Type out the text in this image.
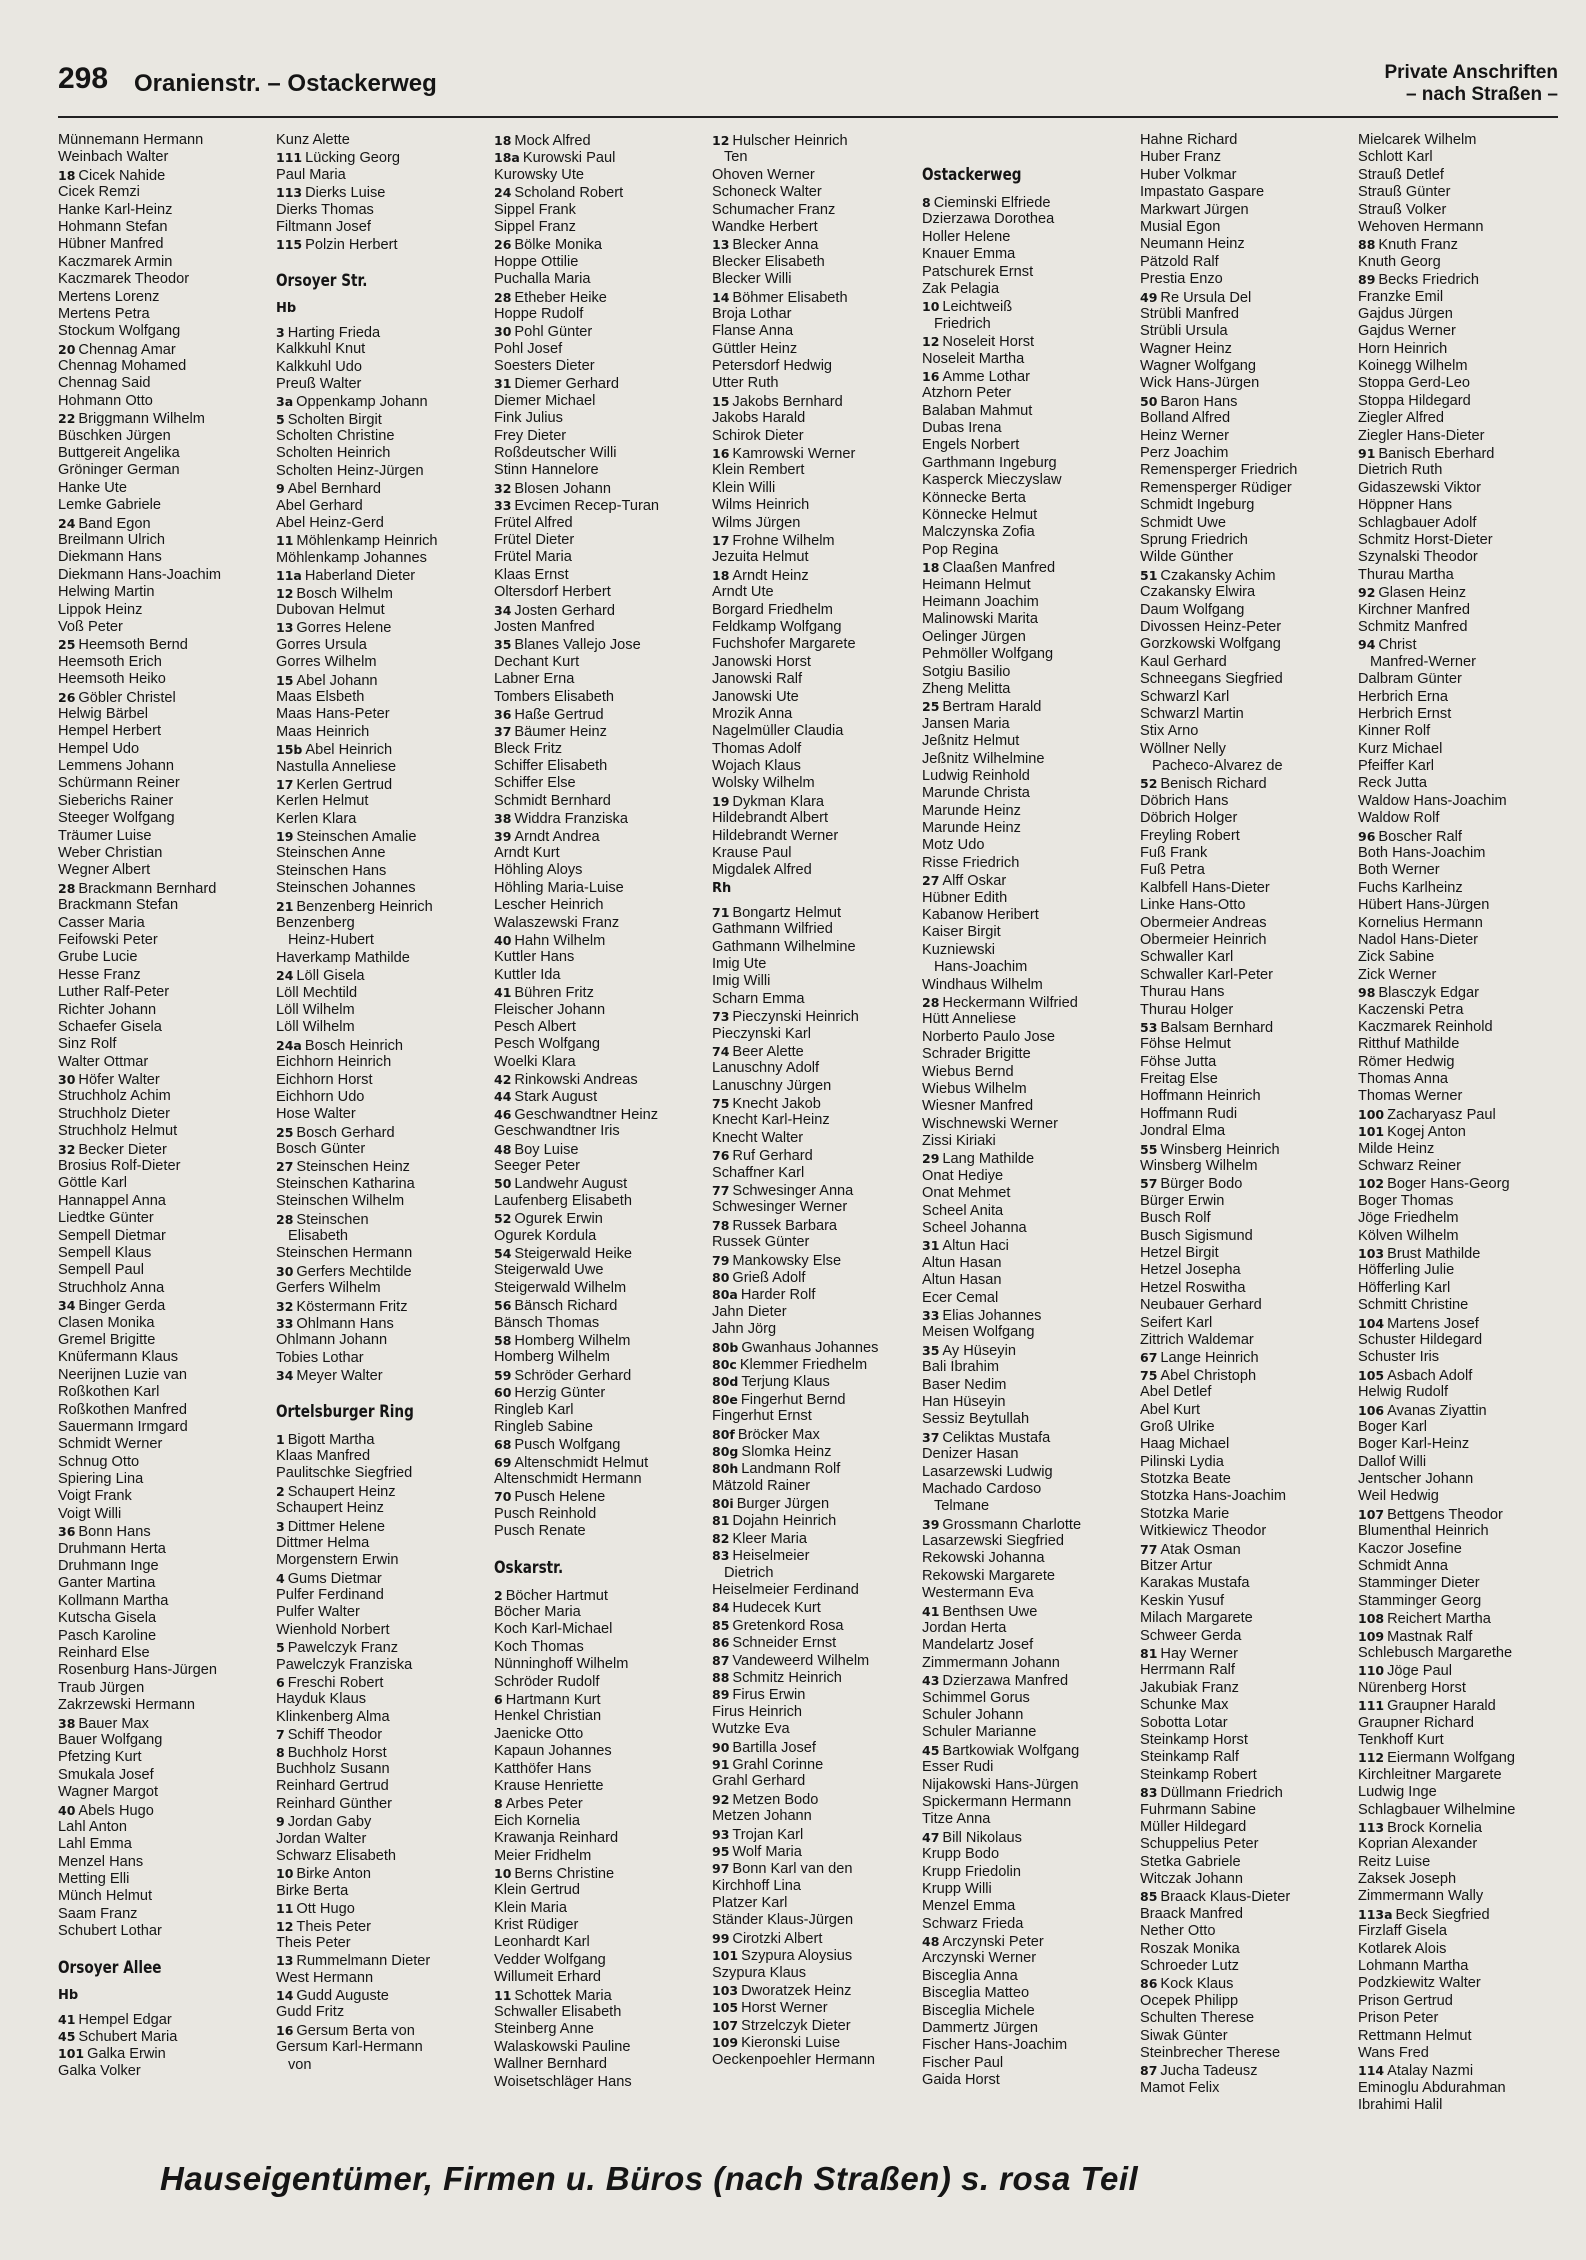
298 Oranienstr. – Ostackerweg	Private Anschriften
– nach Straßen –
Münnemann Hermann
Weinbach Walter
18 Cicek Nahide
Cicek Remzi
Hanke Karl-Heinz
Hohmann Stefan
Hübner Manfred
Kaczmarek Armin
Kaczmarek Theodor
Mertens Lorenz
Mertens Petra
Stockum Wolfgang
20 Chennag Amar
Chennag Mohamed
Chennag Said
Hohmann Otto
22 Briggmann Wilhelm
Büschken Jürgen
Buttgereit Angelika
Gröninger German
Hanke Ute
Lemke Gabriele
24 Band Egon
Breilmann Ulrich
Diekmann Hans
Diekmann Hans-Joachim
Helwing Martin
Lippok Heinz
Voß Peter
25 Heemsoth Bernd
Heemsoth Erich
Heemsoth Heiko
26 Göbler Christel
Helwig Bärbel
Hempel Herbert
Hempel Udo
Lemmens Johann
Schürmann Reiner
Sieberichs Rainer
Steeger Wolfgang
Träumer Luise
Weber Christian
Wegner Albert
28 Brackmann Bernhard
Brackmann Stefan
Casser Maria
Feifowski Peter
Grube Lucie
Hesse Franz
Luther Ralf-Peter
Richter Johann
Schaefer Gisela
Sinz Rolf
Walter Ottmar
30 Höfer Walter
Struchholz Achim
Struchholz Dieter
Struchholz Helmut
32 Becker Dieter
Brosius Rolf-Dieter
Göttle Karl
Hannappel Anna
Liedtke Günter
Sempell Dietmar
Sempell Klaus
Sempell Paul
Struchholz Anna
34 Binger Gerda
Clasen Monika
Gremel Brigitte
Knüfermann Klaus
Neerijnen Luzie van
Roßkothen Karl
Roßkothen Manfred
Sauermann Irmgard
Schmidt Werner
Schnug Otto
Spiering Lina
Voigt Frank
Voigt Willi
36 Bonn Hans
Druhmann Herta
Druhmann Inge
Ganter Martina
Kollmann Martha
Kutscha Gisela
Pasch Karoline
Reinhard Else
Rosenburg Hans-Jürgen
Traub Jürgen
Zakrzewski Hermann
38 Bauer Max
Bauer Wolfgang
Pfetzing Kurt
Smukala Josef
Wagner Margot
40 Abels Hugo
Lahl Anton
Lahl Emma
Menzel Hans
Metting Elli
Münch Helmut
Saam Franz
Schubert Lothar
Orsoyer Allee
Hb
41 Hempel Edgar
45 Schubert Maria
101 Galka Erwin
Galka Volker
Kunz Alette
111 Lücking Georg
Paul Maria
113 Dierks Luise
Dierks Thomas
Filtmann Josef
115 Polzin Herbert
Orsoyer Str.
Hb
3 Harting Frieda
Kalkkuhl Knut
Kalkkuhl Udo
Preuß Walter
3a Oppenkamp Johann
5 Scholten Birgit
Scholten Christine
Scholten Heinrich
Scholten Heinz-Jürgen
9 Abel Bernhard
Abel Gerhard
Abel Heinz-Gerd
11 Möhlenkamp Heinrich
Möhlenkamp Johannes
11a Haberland Dieter
12 Bosch Wilhelm
Dubovan Helmut
13 Gorres Helene
Gorres Ursula
Gorres Wilhelm
15 Abel Johann
Maas Elsbeth
Maas Hans-Peter
Maas Heinrich
15b Abel Heinrich
Nastulla Anneliese
17 Kerlen Gertrud
Kerlen Helmut
Kerlen Klara
19 Steinschen Amalie
Steinschen Anne
Steinschen Hans
Steinschen Johannes
21 Benzenberg Heinrich
Benzenberg
Heinz-Hubert
Haverkamp Mathilde
24 Löll Gisela
Löll Mechtild
Löll Wilhelm
Löll Wilhelm
24a Bosch Heinrich
Eichhorn Heinrich
Eichhorn Horst
Eichhorn Udo
Hose Walter
25 Bosch Gerhard
Bosch Günter
27 Steinschen Heinz
Steinschen Katharina
Steinschen Wilhelm
28 Steinschen
Elisabeth
Steinschen Hermann
30 Gerfers Mechtilde
Gerfers Wilhelm
32 Köstermann Fritz
33 Ohlmann Hans
Ohlmann Johann
Tobies Lothar
34 Meyer Walter
Ortelsburger Ring
1 Bigott Martha
Klaas Manfred
Paulitschke Siegfried
2 Schaupert Heinz
Schaupert Heinz
3 Dittmer Helene
Dittmer Helma
Morgenstern Erwin
4 Gums Dietmar
Pulfer Ferdinand
Pulfer Walter
Wienhold Norbert
5 Pawelczyk Franz
Pawelczyk Franziska
6 Freschi Robert
Hayduk Klaus
Klinkenberg Alma
7 Schiff Theodor
8 Buchholz Horst
Buchholz Susann
Reinhard Gertrud
Reinhard Günther
9 Jordan Gaby
Jordan Walter
Schwarz Elisabeth
10 Birke Anton
Birke Berta
11 Ott Hugo
12 Theis Peter
Theis Peter
13 Rummelmann Dieter
West Hermann
14 Gudd Auguste
Gudd Fritz
16 Gersum Berta von
Gersum Karl-Hermann
von
18 Mock Alfred
18a Kurowski Paul
Kurowsky Ute
24 Scholand Robert
Sippel Frank
Sippel Franz
26 Bölke Monika
Hoppe Ottilie
Puchalla Maria
28 Etheber Heike
Hoppe Rudolf
30 Pohl Günter
Pohl Josef
Soesters Dieter
31 Diemer Gerhard
Diemer Michael
Fink Julius
Frey Dieter
Roßdeutscher Willi
Stinn Hannelore
32 Blosen Johann
33 Evcimen Recep-Turan
Frütel Alfred
Frütel Dieter
Frütel Maria
Klaas Ernst
Oltersdorf Herbert
34 Josten Gerhard
Josten Manfred
35 Blanes Vallejo Jose
Dechant Kurt
Labner Erna
Tombers Elisabeth
36 Haße Gertrud
37 Bäumer Heinz
Bleck Fritz
Schiffer Elisabeth
Schiffer Else
Schmidt Bernhard
38 Widdra Franziska
39 Arndt Andrea
Arndt Kurt
Höhling Aloys
Höhling Maria-Luise
Lescher Heinrich
Walaszewski Franz
40 Hahn Wilhelm
Kuttler Hans
Kuttler Ida
41 Bühren Fritz
Fleischer Johann
Pesch Albert
Pesch Wolfgang
Woelki Klara
42 Rinkowski Andreas
44 Stark August
46 Geschwandtner Heinz
Geschwandtner Iris
48 Boy Luise
Seeger Peter
50 Landwehr August
Laufenberg Elisabeth
52 Ogurek Erwin
Ogurek Kordula
54 Steigerwald Heike
Steigerwald Uwe
Steigerwald Wilhelm
56 Bänsch Richard
Bänsch Thomas
58 Homberg Wilhelm
Homberg Wilhelm
59 Schröder Gerhard
60 Herzig Günter
Ringleb Karl
Ringleb Sabine
68 Pusch Wolfgang
69 Altenschmidt Helmut
Altenschmidt Hermann
70 Pusch Helene
Pusch Reinhold
Pusch Renate
Oskarstr.
2 Böcher Hartmut
Böcher Maria
Koch Karl-Michael
Koch Thomas
Nünninghoff Wilhelm
Schröder Rudolf
6 Hartmann Kurt
Henkel Christian
Jaenicke Otto
Kapaun Johannes
Katthöfer Hans
Krause Henriette
8 Arbes Peter
Eich Kornelia
Krawanja Reinhard
Meier Fridhelm
10 Berns Christine
Klein Gertrud
Klein Maria
Krist Rüdiger
Leonhardt Karl
Vedder Wolfgang
Willumeit Erhard
11 Schottek Maria
Schwaller Elisabeth
Steinberg Anne
Walaskowski Pauline
Wallner Bernhard
Woisetschläger Hans
12 Hulscher Heinrich
Ten
Ohoven Werner
Schoneck Walter
Schumacher Franz
Wandke Herbert
13 Blecker Anna
Blecker Elisabeth
Blecker Willi
14 Böhmer Elisabeth
Broja Lothar
Flanse Anna
Güttler Heinz
Petersdorf Hedwig
Utter Ruth
15 Jakobs Bernhard
Jakobs Harald
Schirok Dieter
16 Kamrowski Werner
Klein Rembert
Klein Willi
Wilms Heinrich
Wilms Jürgen
17 Frohne Wilhelm
Jezuita Helmut
18 Arndt Heinz
Arndt Ute
Borgard Friedhelm
Feldkamp Wolfgang
Fuchshofer Margarete
Janowski Horst
Janowski Ralf
Janowski Ute
Mrozik Anna
Nagelmüller Claudia
Thomas Adolf
Wojach Klaus
Wolsky Wilhelm
19 Dykman Klara
Hildebrandt Albert
Hildebrandt Werner
Krause Paul
Migdalek Alfred
Rh
71 Bongartz Helmut
Gathmann Wilfried
Gathmann Wilhelmine
Imig Ute
Imig Willi
Scharn Emma
73 Pieczynski Heinrich
Pieczynski Karl
74 Beer Alette
Lanuschny Adolf
Lanuschny Jürgen
75 Knecht Jakob
Knecht Karl-Heinz
Knecht Walter
76 Ruf Gerhard
Schaffner Karl
77 Schwesinger Anna
Schwesinger Werner
78 Russek Barbara
Russek Günter
79 Mankowsky Else
80 Grieß Adolf
80a Harder Rolf
Jahn Dieter
Jahn Jörg
80b Gwanhaus Johannes
80c Klemmer Friedhelm
80d Terjung Klaus
80e Fingerhut Bernd
Fingerhut Ernst
80f Bröcker Max
80g Slomka Heinz
80h Landmann Rolf
Mätzold Rainer
80i Burger Jürgen
81 Dojahn Heinrich
82 Kleer Maria
83 Heiselmeier
Dietrich
Heiselmeier Ferdinand
84 Hudecek Kurt
85 Gretenkord Rosa
86 Schneider Ernst
87 Vandeweerd Wilhelm
88 Schmitz Heinrich
89 Firus Erwin
Firus Heinrich
Wutzke Eva
90 Bartilla Josef
91 Grahl Corinne
Grahl Gerhard
92 Metzen Bodo
Metzen Johann
93 Trojan Karl
95 Wolf Maria
97 Bonn Karl van den
Kirchhoff Lina
Platzer Karl
Ständer Klaus-Jürgen
99 Cirotzki Albert
101 Szypura Aloysius
Szypura Klaus
103 Dworatzek Heinz
105 Horst Werner
107 Strzelczyk Dieter
109 Kieronski Luise
Oeckenpoehler Hermann
Ostackerweg
8 Cieminski Elfriede
Dzierzawa Dorothea
Holler Helene
Knauer Emma
Patschurek Ernst
Zak Pelagia
10 Leichtweiß
Friedrich
12 Noseleit Horst
Noseleit Martha
16 Amme Lothar
Atzhorn Peter
Balaban Mahmut
Dubas Irena
Engels Norbert
Garthmann Ingeburg
Kasperck Mieczyslaw
Könnecke Berta
Könnecke Helmut
Malczynska Zofia
Pop Regina
18 Claaßen Manfred
Heimann Helmut
Heimann Joachim
Malinowski Marita
Oelinger Jürgen
Pehmöller Wolfgang
Sotgiu Basilio
Zheng Melitta
25 Bertram Harald
Jansen Maria
Jeßnitz Helmut
Jeßnitz Wilhelmine
Ludwig Reinhold
Marunde Christa
Marunde Heinz
Marunde Heinz
Motz Udo
Risse Friedrich
27 Alff Oskar
Hübner Edith
Kabanow Heribert
Kaiser Birgit
Kuzniewski
Hans-Joachim
Windhaus Wilhelm
28 Heckermann Wilfried
Hütt Anneliese
Norberto Paulo Jose
Schrader Brigitte
Wiebus Bernd
Wiebus Wilhelm
Wiesner Manfred
Wischnewski Werner
Zissi Kiriaki
29 Lang Mathilde
Onat Hediye
Onat Mehmet
Scheel Anita
Scheel Johanna
31 Altun Haci
Altun Hasan
Altun Hasan
Ecer Cemal
33 Elias Johannes
Meisen Wolfgang
35 Ay Hüseyin
Bali İbrahim
Baser Nedim
Han Hüseyin
Sessiz Beytullah
37 Celiktas Mustafa
Denizer Hasan
Lasarzewski Ludwig
Machado Cardoso
Telmane
39 Grossmann Charlotte
Lasarzewski Siegfried
Rekowski Johanna
Rekowski Margarete
Westermann Eva
41 Benthsen Uwe
Jordan Herta
Mandelartz Josef
Zimmermann Johann
43 Dzierzawa Manfred
Schimmel Gorus
Schuler Johann
Schuler Marianne
45 Bartkowiak Wolfgang
Esser Rudi
Nijakowski Hans-Jürgen
Spickermann Hermann
Titze Anna
47 Bill Nikolaus
Krupp Bodo
Krupp Friedolin
Krupp Willi
Menzel Emma
Schwarz Frieda
48 Arczynski Peter
Arczynski Werner
Bisceglia Anna
Bisceglia Matteo
Bisceglia Michele
Dammertz Jürgen
Fischer Hans-Joachim
Fischer Paul
Gaida Horst
Hahne Richard
Huber Franz
Huber Volkmar
Impastato Gaspare
Markwart Jürgen
Musial Egon
Neumann Heinz
Pätzold Ralf
Prestia Enzo
49 Re Ursula Del
Strübli Manfred
Strübli Ursula
Wagner Heinz
Wagner Wolfgang
Wick Hans-Jürgen
50 Baron Hans
Bolland Alfred
Heinz Werner
Perz Joachim
Remensperger Friedrich
Remensperger Rüdiger
Schmidt Ingeburg
Schmidt Uwe
Sprung Friedrich
Wilde Günther
51 Czakansky Achim
Czakansky Elwira
Daum Wolfgang
Divossen Heinz-Peter
Gorzkowski Wolfgang
Kaul Gerhard
Schneegans Siegfried
Schwarzl Karl
Schwarzl Martin
Stix Arno
Wöllner Nelly
Pacheco-Alvarez de
52 Benisch Richard
Döbrich Hans
Döbrich Holger
Freyling Robert
Fuß Frank
Fuß Petra
Kalbfell Hans-Dieter
Linke Hans-Otto
Obermeier Andreas
Obermeier Heinrich
Schwaller Karl
Schwaller Karl-Peter
Thurau Hans
Thurau Holger
53 Balsam Bernhard
Föhse Helmut
Föhse Jutta
Freitag Else
Hoffmann Heinrich
Hoffmann Rudi
Jondral Elma
55 Winsberg Heinrich
Winsberg Wilhelm
57 Bürger Bodo
Bürger Erwin
Busch Rolf
Busch Sigismund
Hetzel Birgit
Hetzel Josepha
Hetzel Roswitha
Neubauer Gerhard
Seifert Karl
Zittrich Waldemar
67 Lange Heinrich
75 Abel Christoph
Abel Detlef
Abel Kurt
Groß Ulrike
Haag Michael
Pilinski Lydia
Stotzka Beate
Stotzka Hans-Joachim
Stotzka Marie
Witkiewicz Theodor
77 Atak Osman
Bitzer Artur
Karakas Mustafa
Keskin Yusuf
Milach Margarete
Schweer Gerda
81 Hay Werner
Herrmann Ralf
Jakubiak Franz
Schunke Max
Sobotta Lotar
Steinkamp Horst
Steinkamp Ralf
Steinkamp Robert
83 Düllmann Friedrich
Fuhrmann Sabine
Müller Hildegard
Schuppelius Peter
Stetka Gabriele
Witczak Johann
85 Braack Klaus-Dieter
Braack Manfred
Nether Otto
Roszak Monika
Schroeder Lutz
86 Kock Klaus
Ocepek Philipp
Schulten Therese
Siwak Günter
Steinbrecher Therese
87 Jucha Tadeusz
Mamot Felix
Mielcarek Wilhelm
Schlott Karl
Strauß Detlef
Strauß Günter
Strauß Volker
Wehoven Hermann
88 Knuth Franz
Knuth Georg
89 Becks Friedrich
Franzke Emil
Gajdus Jürgen
Gajdus Werner
Horn Heinrich
Koinegg Wilhelm
Stoppa Gerd-Leo
Stoppa Hildegard
Ziegler Alfred
Ziegler Hans-Dieter
91 Banisch Eberhard
Dietrich Ruth
Gidaszewski Viktor
Höppner Hans
Schlagbauer Adolf
Schmitz Horst-Dieter
Szynalski Theodor
Thurau Martha
92 Glasen Heinz
Kirchner Manfred
Schmitz Manfred
94 Christ
Manfred-Werner
Dalbram Günter
Herbrich Erna
Herbrich Ernst
Kinner Rolf
Kurz Michael
Pfeiffer Karl
Reck Jutta
Waldow Hans-Joachim
Waldow Rolf
96 Boscher Ralf
Both Hans-Joachim
Both Werner
Fuchs Karlheinz
Hübert Hans-Jürgen
Kornelius Hermann
Nadol Hans-Dieter
Zick Sabine
Zick Werner
98 Blasczyk Edgar
Kaczenski Petra
Kaczmarek Reinhold
Ritthuf Mathilde
Römer Hedwig
Thomas Anna
Thomas Werner
100 Zacharyasz Paul
101 Kogej Anton
Milde Heinz
Schwarz Reiner
102 Boger Hans-Georg
Boger Thomas
Jöge Friedhelm
Kölven Wilhelm
103 Brust Mathilde
Höfferling Julie
Höfferling Karl
Schmitt Christine
104 Martens Josef
Schuster Hildegard
Schuster Iris
105 Asbach Adolf
Helwig Rudolf
106 Avanas Ziyattin
Boger Karl
Boger Karl-Heinz
Dallof Willi
Jentscher Johann
Weil Hedwig
107 Bettgens Theodor
Blumenthal Heinrich
Kaczor Josefine
Schmidt Anna
Stamminger Dieter
Stamminger Georg
108 Reichert Martha
109 Mastnak Ralf
Schlebusch Margarethe
110 Jöge Paul
Nürenberg Horst
111 Graupner Harald
Graupner Richard
Tenkhoff Kurt
112 Eiermann Wolfgang
Kirchleitner Margarete
Ludwig Inge
Schlagbauer Wilhelmine
113 Brock Kornelia
Koprian Alexander
Reitz Luise
Zaksek Joseph
Zimmermann Wally
113a Beck Siegfried
Firzlaff Gisela
Kotlarek Alois
Lohmann Martha
Podzkiewitz Walter
Prison Gertrud
Prison Peter
Rettmann Helmut
Wans Fred
114 Atalay Nazmi
Eminoglu Abdurahman
Ibrahimi Halil
Hauseigentümer, Firmen u. Büros (nach Straßen) s. rosa Teil
